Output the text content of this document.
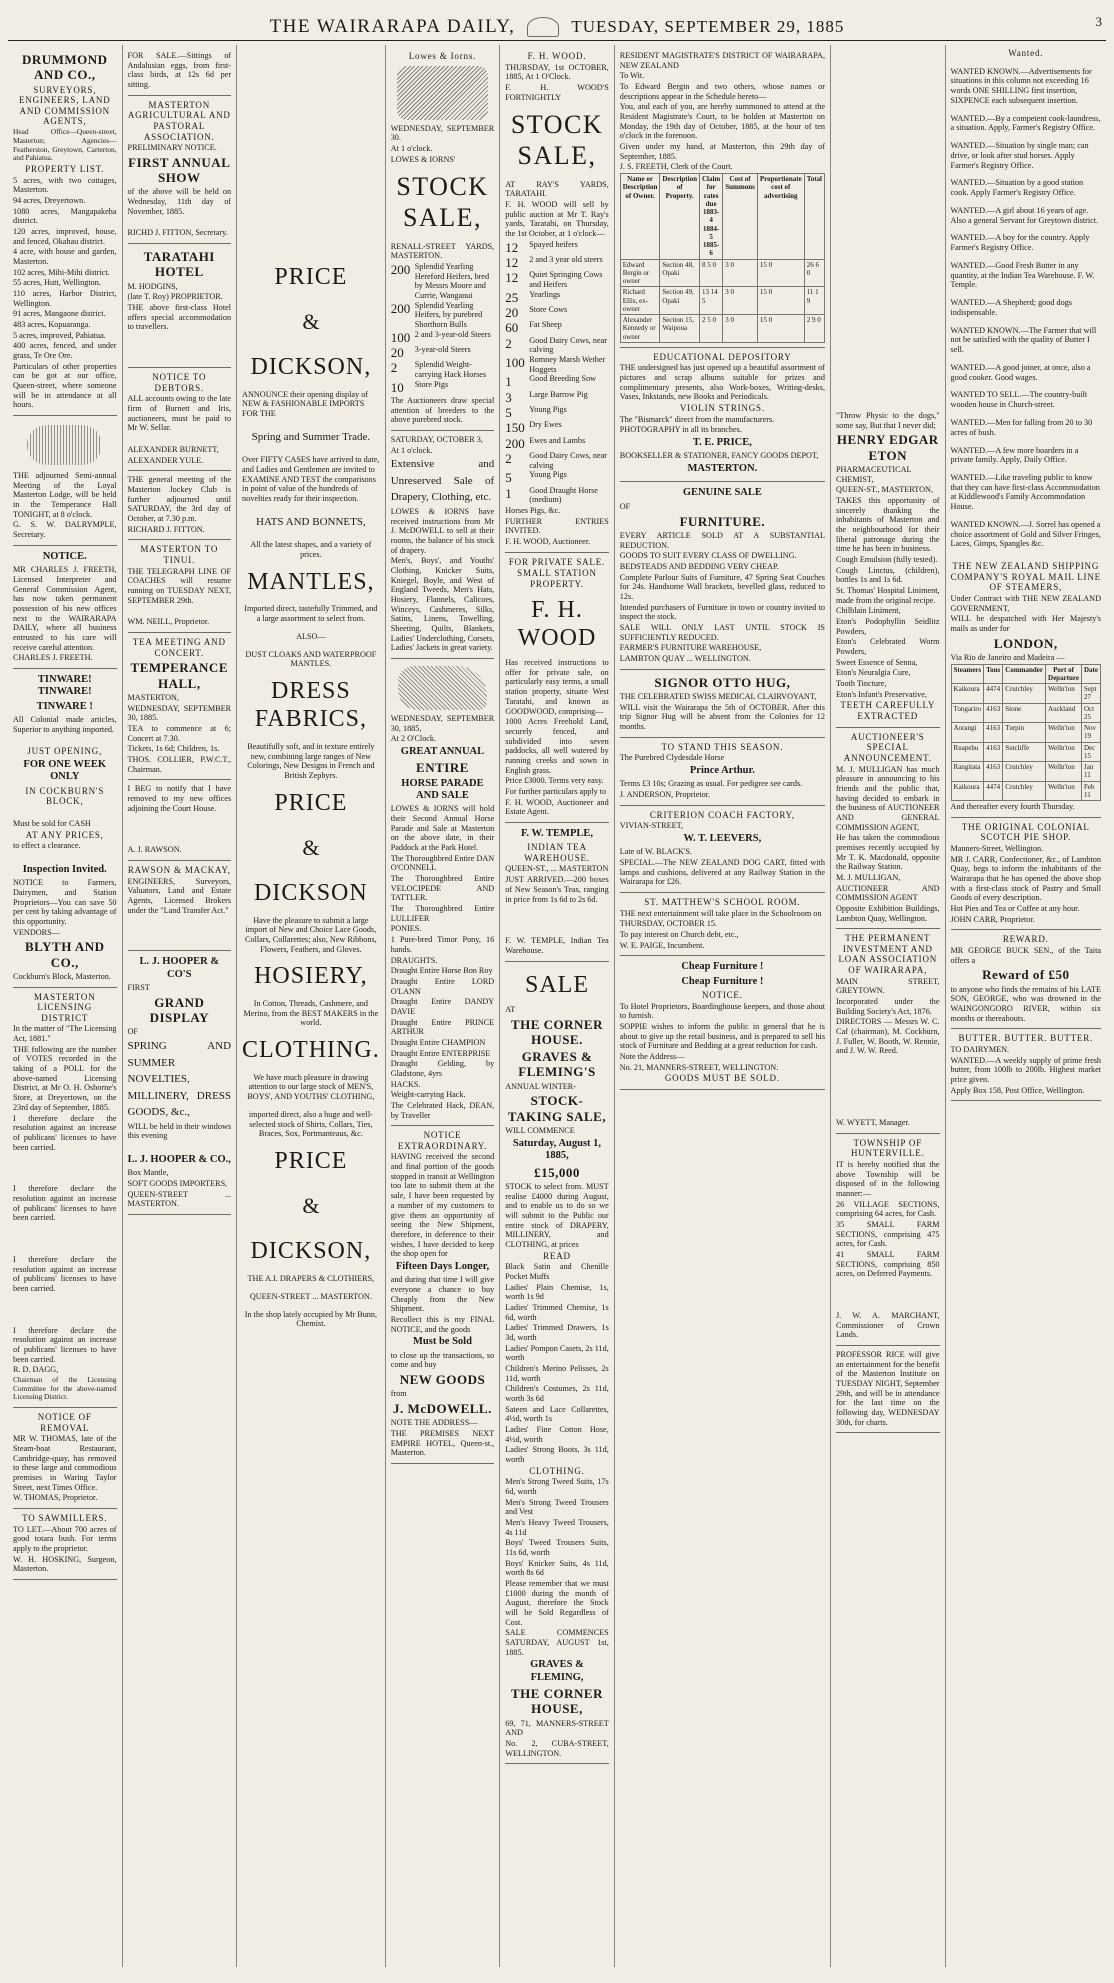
THE WAIRARAPA DAILY,	TUESDAY, SEPTEMBER 29, 1885	3
DRUMMOND AND CO.,
SURVEYORS, ENGINEERS, LAND AND COMMISSION AGENTS,

Head Office—Queen-street, Masterton; Agencies—Featherston, Greytown, Carterton, and Pahiatua.

PROPERTY LIST.

5 acres, with two cottages, Masterton.

94 acres, Dreyertown.

1080 acres, Mangapakeha district.

120 acres, improved, house, and fenced, Okahau district.

4 acre, with house and garden, Masterton.

102 acres, Mihi-Mihi district.

55 acres, Hutt, Wellington.

110 acres, Harbor District, Wellington.

91 acres, Mangaone district.

483 acres, Kopuaranga.

5 acres, improved, Pahiatua.

400 acres, fenced, and under grass, Te Ore Ore.

Particulars of other properties can be got at our office, Queen-street, where someone will be in attendance at all hours.

THE adjourned Semi-annual Meeting of the Loyal Masterton Lodge, will be held in the Temperance Hall TONIGHT, at 8 o'clock.

G. S. W. DALRYMPLE, Secretary.

NOTICE.

MR CHARLES J. FREETH, Licensed Interpreter and General Commission Agent, has now taken permanent possession of his new offices next to the WAIRARAPA DAILY, where all business entrusted to his care will receive careful attention.

CHARLES J. FREETH.

TINWARE! TINWARE!
TINWARE !

All Colonial made articles, Superior to anything imported.

JUST OPENING,
FOR ONE WEEK ONLY
IN COCKBURN'S BLOCK,

Must be sold for CASH

AT ANY PRICES,

to effect a clearance.

Inspection Invited.

NOTICE to Farmers, Dairymen, and Station Proprietors—You can save 50 per cent by taking advantage of this opportunity.

VENDORS—

BLYTH AND CO.,

Cockburn's Block, Masterton.

MASTERTON LICENSING DISTRICT

In the matter of "The Licensing Act, 1881."

THE following are the number of VOTES recorded in the taking of a POLL for the above-named Licensing District, at Mr O. H. Osborne's Store, at Dreyertown, on the 23rd day of September, 1885.

I therefore declare the resolution against an increase of publicans' licenses to have been carried.

I therefore declare the resolution against an increase of publicans' licenses to have been carried.

I therefore declare the resolution against an increase of publicans' licenses to have been carried.

I therefore declare the resolution against an increase of publicans' licenses to have been carried.

R. D. DAGG,

Chairman of the Licensing Committee for the above-named Licensing District.

NOTICE OF REMOVAL

MR W. THOMAS, late of the Steam-boat Restaurant, Cambridge-quay, has removed to these large and commodious premises in Waring Taylor Street, next Times Office.

W. THOMAS, Proprietor.

TO SAWMILLERS.

TO LET.—About 700 acres of good totara bush. For terms apply to the proprietor.

W. H. HOSKING, Surgeon, Masterton.

FOR SALE.—Sittings of Andalusian eggs, from first-class birds, at 12s 6d per sitting.

MASTERTON AGRICULTURAL AND PASTORAL ASSOCIATION.

PRELIMINARY NOTICE.

FIRST ANNUAL SHOW

of the above will be held on Wednesday, 11th day of November, 1885.

RICHD J. FITTON, Secretary.

TARATAHI HOTEL

M. HODGINS,

(late T. Roy) PROPRIETOR.

THE above first-class Hotel offers special accommodation to travellers.

NOTICE TO DEBTORS.

ALL accounts owing to the late firm of Burnett and Iris, auctioneers, must be paid to Mr W. Sellar.

ALEXANDER BURNETT,

ALEXANDER YULE.

THE general meeting of the Masterton Jockey Club is further adjourned until SATURDAY, the 3rd day of October, at 7.30 p.m.

RICHARD J. FITTON.

MASTERTON TO TINUI.

THE TELEGRAPH LINE OF COACHES will resume running on TUESDAY NEXT, SEPTEMBER 29th.

WM. NEILL, Proprietor.

TEA MEETING AND CONCERT.
TEMPERANCE HALL,

MASTERTON,

WEDNESDAY, SEPTEMBER 30, 1885.

TEA to commence at 6; Concert at 7.30.

Tickets, 1s 6d; Children, 1s.

THOS. COLLIER, P.W.C.T., Chairman.

I BEG to notify that I have removed to my new offices adjoining the Court House.

A. J. RAWSON.

RAWSON & MACKAY,

ENGINEERS, Surveyors, Valuators, Land and Estate Agents, Licensed Brokers under the "Land Transfer Act."

L. J. HOOPER & CO'S

FIRST

GRAND DISPLAY

OF

SPRING AND SUMMER NOVELTIES, MILLINERY, DRESS GOODS, &c.,

WILL be held in their windows this evening

L. J. HOOPER & CO.,

Box Mantle,

SOFT GOODS IMPORTERS,

QUEEN-STREET ... MASTERTON.

PRICE
&
DICKSON,

ANNOUNCE their opening display of NEW & FASHIONABLE IMPORTS FOR THE

Spring and Summer Trade.

Over FIFTY CASES have arrived to date, and Ladies and Gentlemen are invited to EXAMINE AND TEST the comparisons in point of value of the hundreds of novelties ready for their inspection.

HATS AND BONNETS,

All the latest shapes, and a variety of prices.

MANTLES,

Imported direct, tastefully Trimmed, and a large assortment to select from.

ALSO—

DUST CLOAKS AND WATERPROOF MANTLES.

DRESS FABRICS,

Beautifully soft, and in texture entirely new, combining large ranges of New Colorings, New Designs in French and British Zephyrs.

PRICE
&
DICKSON

Have the pleasure to submit a large import of New and Choice Lace Goods, Collars, Collarettes; also, New Ribbons, Flowers, Feathers, and Gloves.

HOSIERY,

In Cotton, Threads, Cashmere, and Merino, from the BEST MAKERS in the world.

CLOTHING.

We have much pleasure in drawing attention to our large stock of MEN'S, BOYS', AND YOUTHS' CLOTHING,

imported direct, also a huge and well-selected stock of Shirts, Collars, Ties, Braces, Sox, Portmanteaus, &c.

PRICE
&
DICKSON,

THE A.I. DRAPERS & CLOTHIERS,

QUEEN-STREET ... MASTERTON.

In the shop lately occupied by Mr Bunn, Chemist.

Lowes & Iorns.

WEDNESDAY, SEPTEMBER 30.

At 1 o'clock.

LOWES & IORNS'

STOCK SALE,

RENALL-STREET YARDS, MASTERTON.

200 Splendid Yearling Hereford Heifers, bred by Messrs Moore and Currie, Wanganui
200 Splendid Yearling Heifers, by purebred Shorthorn Bulls
100 2 and 3-year-old Steers
20	3-year-old Steers
2	Splendid Weight-carrying Hack Horses
10	Store Pigs

The Auctioneers draw special attention of breeders to the above purebred stock.

SATURDAY, OCTOBER 3,

At 1 o'clock.

Extensive and Unreserved Sale of Drapery, Clothing, etc.

LOWES & IORNS have received instructions from Mr J. McDOWELL to sell at their rooms, the balance of his stock of drapery.

Men's, Boys', and Youths' Clothing, Knicker Suits, Kniegel, Boyle, and West of England Tweeds, Men's Hats, Hosiery, Flannels, Calicoes, Winceys, Cashmeres, Silks, Satins, Linens, Towelling, Sheeting, Quilts, Blankets, Ladies' Underclothing, Corsets, Ladies' Jackets in great variety.

WEDNESDAY, SEPTEMBER 30, 1885,

At 2 O'Clock.

GREAT ANNUAL
ENTIRE
HORSE PARADE AND SALE

LOWES & IORNS will hold their Second Annual Horse Parade and Sale at Masterton on the above date, in their Paddock at the Park Hotel.

The Thoroughbred Entire DAN O'CONNELL

The Thoroughbred Entire VELOCIPEDE AND TATTLER.

The Thoroughbred Entire LULLIFER

PONIES.

1 Pure-bred Timor Pony, 16 hands.

DRAUGHTS.

Draught Entire Horse Bon Roy

Draught Entire LORD O'LANN

Draught Entire DANDY DAVIE

Draught Entire PRINCE ARTHUR

Draught Entire CHAMPION

Draught Entire ENTERPRISE

Draught Gelding, by Gladstone, 4yrs

HACKS.

Weight-carrying Hack.

The Celebrated Hack, DEAN, by Traveller

NOTICE EXTRAORDINARY.

HAVING received the second and final portion of the goods stopped in transit at Wellington too late to submit them at the sale, I have been requested by a number of my customers to give them an opportunity of seeing the New Shipment, therefore, in deference to their wishes, I have decided to keep the shop open for

Fifteen Days Longer,

and during that time I will give everyone a chance to buy Cheaply from the New Shipment.

Recollect this is my FINAL NOTICE, and the goods

Must be Sold

to close up the transactions, so come and buy

NEW GOODS

from

J. McDOWELL.

NOTE THE ADDRESS—

THE PREMISES NEXT EMPIRE HOTEL, Queen-st., Masterton.

F. H. WOOD.

THURSDAY, 1st OCTOBER, 1885, At 1 O'Clock.

F. H. WOOD'S FORTNIGHTLY

STOCK SALE,

AT RAY'S YARDS, TARATAHI.

F. H. WOOD will sell by public auction at Mr T. Ray's yards, Taratahi, on Thursday, the 1st October, at 1 o'clock—

12	Spayed heifers
12	2 and 3 year old steers
12	Quiet Springing Cows and Heifers
25	Yearlings
20	Store Cows
60	Fat Sheep
2	Good Dairy Cows, near calving
100 Romney Marsh Wether Hoggets
1	Good Breeding Sow
3	Large Barrow Pig
5	Young Pigs
150 Dry Ewes
200 Ewes and Lambs
2	Good Dairy Cows, near calving
5	Young Pigs
1	Good Draught Horse (medium)

Horses Pigs, &c.

FURTHER ENTRIES INVITED.

F. H. WOOD, Auctioneer.

FOR PRIVATE SALE.
SMALL STATION PROPERTY.
F. H. WOOD

Has received instructions to offer for private sale, on particularly easy terms, a small station property, situate West Taratahi, and known as GOODWOOD, comprising—

1000 Acres Freehold Land, securely fenced, and subdivided into seven paddocks, all well watered by running creeks and sown in English grass.

Price £3000. Terms very easy.

For further particulars apply to

F. H. WOOD, Auctioneer and Estate Agent.

F. W. TEMPLE,
INDIAN TEA WAREHOUSE.

QUEEN-ST., ... MASTERTON

JUST ARRIVED.—200 boxes of New Season's Teas, ranging in price from 1s 6d to 2s 6d.

F. W. TEMPLE, Indian Tea Warehouse.

SALE

AT

THE CORNER HOUSE.
GRAVES & FLEMING'S

ANNUAL WINTER-

STOCK-TAKING SALE,

WILL COMMENCE

Saturday, August 1, 1885,
£15,000

STOCK to select from. MUST realise £4000 during August, and to enable us to do so we will submit to the Public our entire stock of DRAPERY, MILLINERY, and CLOTHING, at prices

READ

Black Satin and Chenille Pocket Muffs

Ladies' Plain Chemise, 1s, worth 1s 9d

Ladies' Trimmed Chemise, 1s 6d, worth

Ladies' Trimmed Drawers, 1s 3d, worth

Ladies' Pompon Casets, 2s 11d, worth

Children's Merino Pelisses, 2s 11d, worth

Children's Costumes, 2s 11d, worth 3s 6d

Sateen and Lace Collarettes, 4½d, worth 1s

Ladies' Fine Cotton Hose, 4½d, worth

Ladies' Strong Boots, 3s 11d, worth

CLOTHING.

Men's Strong Tweed Suits, 17s 6d, worth

Men's Strong Tweed Trousers and Vest

Men's Heavy Tweed Trousers, 4s 11d

Boys' Tweed Trousers Suits, 11s 6d, worth

Boys' Knicker Suits, 4s 11d, worth 8s 6d

Please remember that we must £1000 during the month of August, therefore the Stock will be Sold Regardless of Cost.

SALE COMMENCES SATURDAY, AUGUST 1st, 1885.

GRAVES & FLEMING,
THE CORNER HOUSE,

69, 71, MANNERS-STREET AND

No. 2, CUBA-STREET, WELLINGTON.

RESIDENT MAGISTRATE'S DISTRICT OF WAIRARAPA, NEW ZEALAND

To Wit.

To Edward Bergin and two others, whose names or descriptions appear in the Schedule hereto—

You, and each of you, are hereby summoned to attend at the Resident Magistrate's Court, to be holden at Masterton on Monday, the 19th day of October, 1885, at the hour of ten o'clock in the forenoon.

Given under my hand, at Masterton, this 29th day of September, 1885.

J. S. FREETH, Clerk of the Court.

Name or Description of Owner.	Description of Property.	Claim for rates due 1883-4 1884-5 1885-6	Cost of Summons	Proportionate cost of advertising	Total
Edward Bergin or owner	Section 48, Opaki	8 5 0	3 0	15 0	26 6 0
Richard Ellis, ex-owner	Section 49, Opaki	13 14 5	3 0	15 0	11 1 9
Alexander Kennedy or owner	Section 15, Waipoua	2 5 0	3 0	15 0	2 9 0
EDUCATIONAL DEPOSITORY

THE undersigned has just opened up a beautiful assortment of pictures and scrap albums suitable for prizes and complimentary presents, also Work-boxes, Writing-desks, Vases, Inkstands, new Books and Periodicals.

VIOLIN STRINGS.

The "Bismarck" direct from the manufacturers.

PHOTOGRAPHY in all its branches.

T. E. PRICE,

BOOKSELLER & STATIONER, FANCY GOODS DEPOT,

MASTERTON.
GENUINE SALE

OF

FURNITURE.

EVERY ARTICLE SOLD AT A SUBSTANTIAL REDUCTION.

GOODS TO SUIT EVERY CLASS OF DWELLING.

BEDSTEADS AND BEDDING VERY CHEAP.

Complete Parlour Suits of Furniture, 47 Spring Seat Couches for 24s. Handsome Wall brackets, bevelled glass, reduced to 12s.

Intended purchasers of Furniture in town or country invited to inspect the stock.

SALE WILL ONLY LAST UNTIL STOCK IS SUFFICIENTLY REDUCED.

FARMER'S FURNITURE WAREHOUSE,

LAMBTON QUAY ... WELLINGTON.

SIGNOR OTTO HUG,

THE CELEBRATED SWISS MEDICAL CLAIRVOYANT,

WILL visit the Wairarapa the 5th of OCTOBER. After this trip Signor Hug will be absent from the Colonies for 12 months.

TO STAND THIS SEASON.

The Purebred Clydesdale Horse

Prince Arthur.

Terms £3 10s; Grazing as usual. For pedigree see cards.

J. ANDERSON, Proprietor.

CRITERION COACH FACTORY,

VIVIAN-STREET,

W. T. LEEVERS,

Late of W. BLACK'S.

SPECIAL.—The NEW ZEALAND DOG CART, fitted with lamps and cushions, delivered at any Railway Station in the Wairarapa for £26.

ST. MATTHEW'S SCHOOL ROOM.

THE next entertainment will take place in the Schoolroom on

THURSDAY, OCTOBER 15.

To pay interest on Church debt, etc.,

W. E. PAIGE, Incumbent.

Cheap Furniture !
Cheap Furniture !
NOTICE.

To Hotel Proprietors, Boardinghouse keepers, and those about to furnish.

SOPPIE wishes to inform the public in general that he is about to give up the retail business, and is prepared to sell his stock of Furniture and Bedding at a great reduction for cash.

Note the Address—

No. 21, MANNERS-STREET, WELLINGTON.

GOODS MUST BE SOLD.

"Throw Physic to the dogs," some say, But that I never did;

HENRY EDGAR ETON

PHARMACEUTICAL CHEMIST,

QUEEN-ST., MASTERTON,

TAKES this opportunity of sincerely thanking the inhabitants of Masterton and the neighbourhood for their liberal patronage during the time he has been in business.

Cough Emulsion (fully tested).

Cough Linctus, (children), bottles 1s and 1s 6d.

St. Thomas' Hospital Liniment, made from the original recipe.

Chilblain Liniment,

Eton's Podophyllin Seidlitz Powders,

Eton's Celebrated Worm Powders,

Sweet Essence of Senna,

Eton's Neuralgia Cure,

Tooth Tincture,

Eton's Infant's Preservative,

TEETH CAREFULLY EXTRACTED
AUCTIONEER'S SPECIAL ANNOUNCEMENT.

M. J. MULLIGAN has much pleasure in announcing to his friends and the public that, having decided to embark in the business of AUCTIONEER AND GENERAL COMMISSION AGENT,

He has taken the commodious premises recently occupied by Mr T. K. Macdonald, opposite the Railway Station.

M. J. MULLIGAN,

AUCTIONEER AND COMMISSION AGENT

Opposite Exhibition Buildings, Lambton Quay, Wellington.

THE PERMANENT INVESTMENT AND LOAN ASSOCIATION OF WAIRARAPA,

MAIN STREET, GREYTOWN.

Incorporated under the Building Society's Act, 1876.

DIRECTORS — Messrs W. C. Caf (chairman), M. Cockburn, J. Fuller, W. Booth, W. Rennie, and J. W. W. Reed.

W. WYETT, Manager.

TOWNSHIP OF HUNTERVILLE.

IT is hereby notified that the above Township will be disposed of in the following manner:—

26 VILLAGE SECTIONS, comprising 64 acres, for Cash.

35 SMALL FARM SECTIONS, comprising 475 acres, for Cash.

41 SMALL FARM SECTIONS, comprising 850 acres, on Deferred Payments.

J. W. A. MARCHANT, Commissioner of Crown Lands.

PROFESSOR RICE will give an entertainment for the benefit of the Masterton Institute on TUESDAY NIGHT, September 29th, and will be in attendance for the last time on the following day, WEDNESDAY 30th, for charts.

Wanted.

WANTED KNOWN.—Advertisements for situations in this column not exceeding 16 words ONE SHILLING first insertion, SIXPENCE each subsequent insertion.

WANTED.—By a competent cook-laundress, a situation. Apply, Farmer's Registry Office.

WANTED.—Situation by single man; can drive, or look after stud horses. Apply Farmer's Registry Office.

WANTED.—Situation by a good station cook. Apply Farmer's Registry Office.

WANTED.—A girl about 16 years of age. Also a general Servant for Greytown district.

WANTED.—A boy for the country. Apply Farmer's Registry Office.

WANTED.—Good Fresh Butter in any quantity, at the Indian Tea Warehouse. F. W. Temple.

WANTED.—A Shepherd; good dogs indispensable.

WANTED KNOWN.—The Farmer that will not be satisfied with the quality of Butter I sell.

WANTED.—A good joiner, at once, also a good cooker. Good wages.

WANTED TO SELL.—The country-built wooden house in Church-street.

WANTED.—Men for falling from 20 to 30 acres of bush.

WANTED.—A few more boarders in a private family. Apply, Daily Office.

WANTED.—Like traveling public to know that they can have first-class Accommodation at Kiddlewood's Family Accommodation House.

WANTED KNOWN.—J. Sorrel has opened a choice assortment of Gold and Silver Fringes, Laces, Gimps, Spangles &c.

THE NEW ZEALAND SHIPPING COMPANY'S ROYAL MAIL LINE OF STEAMERS,

Under Contract with THE NEW ZEALAND GOVERNMENT,

WILL be despatched with Her Majesty's mails as under for

LONDON,

Via Rio de Janeiro and Madeira —

Steamers	Tons	Commander	Port of Departure	Date
Kaikoura	4474	Crutchley	Welln'ton	Sept 27
Tongariro	4163	Stone	Auckland	Oct 25
Aorangi	4163	Turpin	Welln'ton	Nov 19
Ruapehu	4163	Sutcliffe	Welln'ton	Dec 15
Rangitata	4163	Crutchley	Welln'ton	Jan 11
Kaikoura	4474	Crutchley	Welln'ton	Feb 11

And thereafter every fourth Thursday.

THE ORIGINAL COLONIAL SCOTCH PIE SHOP.

Manners-Street, Wellington.

MR J. CARR, Confectioner, &c., of Lambton Quay, begs to inform the inhabitants of the Wairarapa that he has opened the above shop with a first-class stock of Pastry and Small Goods of every description.

Hot Pies and Tea or Coffee at any hour.

JOHN CARR, Proprietor.

REWARD.

MR GEORGE BUCK SEN., of the Taita offers a

Reward of £50

to anyone who finds the remains of his LATE SON, GEORGE, who was drowned in the WAINGONGORO RIVER, within six months or thereabouts.

BUTTER. BUTTER. BUTTER.

TO DAIRYMEN.

WANTED.—A weekly supply of prime fresh butter, from 100lb to 200lb. Highest market price given.

Apply Box 158, Post Office, Wellington.
